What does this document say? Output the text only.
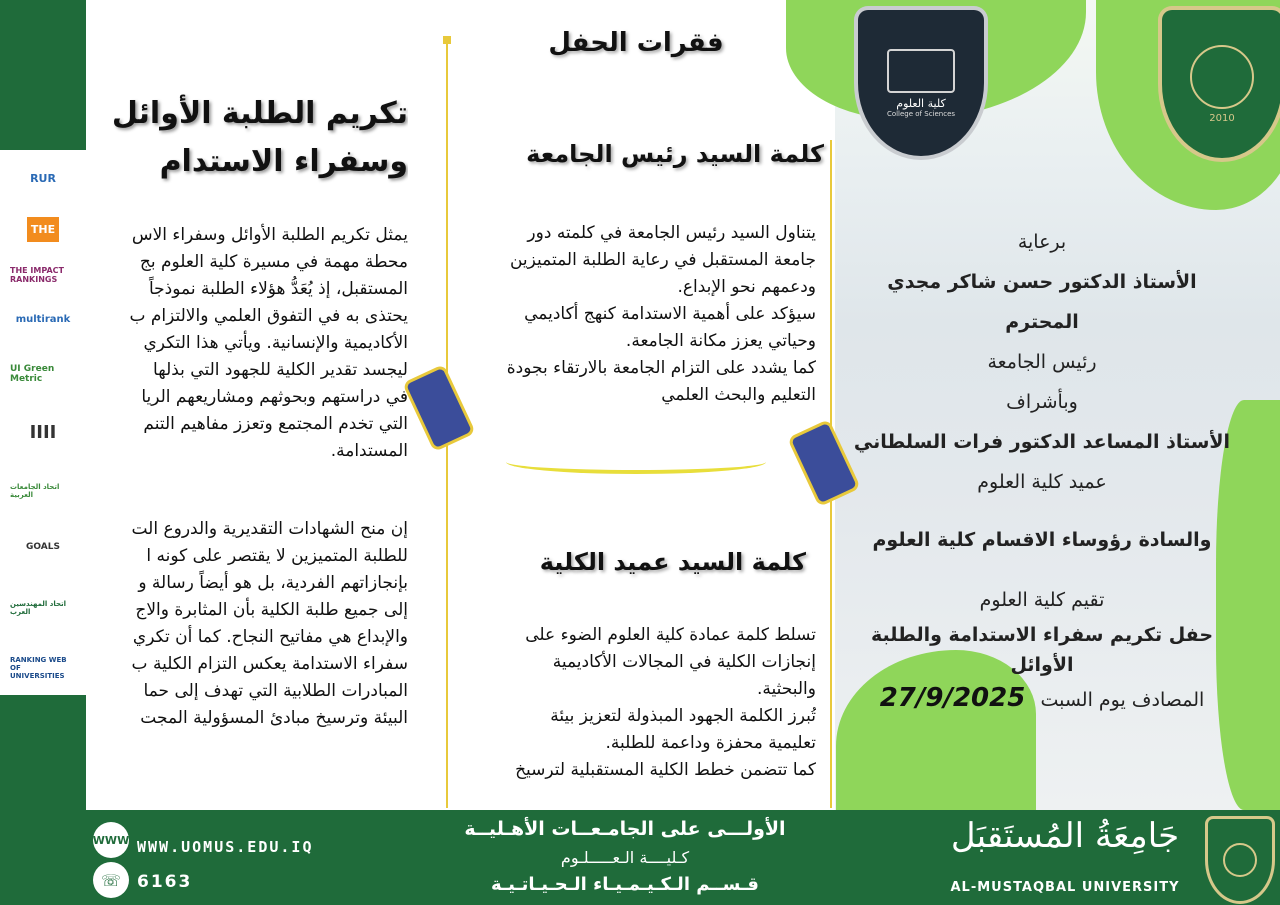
كلية العلوم
College of Sciences	2010
تكريم الطلبة الأوائل
وسفراء الاستدام
يمثل تكريم الطلبة الأوائل وسفراء الاس
محطة مهمة في مسيرة كلية العلوم بج
المستقبل، إذ يُعَدُّ هؤلاء الطلبة نموذجاً
يحتذى به في التفوق العلمي والالتزام ب
الأكاديمية والإنسانية. ويأتي هذا التكري
ليجسد تقدير الكلية للجهود التي بذلها
في دراستهم وبحوثهم ومشاريعهم الريا
التي تخدم المجتمع وتعزز مفاهيم التنم
المستدامة.
إن منح الشهادات التقديرية والدروع الت
للطلبة المتميزين لا يقتصر على كونه ا
بإنجازاتهم الفردية، بل هو أيضاً رسالة و
إلى جميع طلبة الكلية بأن المثابرة والاج
والإبداع هي مفاتيح النجاح. كما أن تكري
سفراء الاستدامة يعكس التزام الكلية ب
المبادرات الطلابية التي تهدف إلى حما
البيئة وترسيخ مبادئ المسؤولية المجت
فقرات الحفل
كلمة السيد رئيس الجامعة
يتناول السيد رئيس الجامعة في كلمته دور
جامعة المستقبل في رعاية الطلبة المتميزين
ودعمهم نحو الإبداع.
سيؤكد على أهمية الاستدامة كنهج أكاديمي
وحياتي يعزز مكانة الجامعة.
كما يشدد على التزام الجامعة بالارتقاء بجودة
التعليم والبحث العلمي
كلمة السيد عميد الكلية
تسلط كلمة عمادة كلية العلوم الضوء على
إنجازات الكلية في المجالات الأكاديمية
والبحثية.
تُبرز الكلمة الجهود المبذولة لتعزيز بيئة
تعليمية محفزة وداعمة للطلبة.
كما تتضمن خطط الكلية المستقبلية لترسيخ
برعاية
الأستاذ الدكتور حسن شاكر مجدي
المحترم
رئيس الجامعة
وبأشراف
الأستاذ المساعد الدكتور فرات السلطاني
عميد كلية العلوم
والسادة رؤوساء الاقسام كلية العلوم
تقيم كلية العلوم
حفل تكريم سفراء الاستدامة والطلبة الأوائل
المصادف يوم السبت 27/9/2025
RUR
THE
THE IMPACT RANKINGS
multirank
UI Green Metric
IIII
اتحاد الجامعات العربية
GOALS
اتحاد المهندسين العرب
RANKING WEB OF UNIVERSITIES
WWW WWW.UOMUS.EDU.IQ
☏ 6163
الأولـــى على الجامـعــات الأهـليــة
كـليــــة الـعـــــلـوم
قـســم الـكـيـمـيـاء الـحـيـاتـيـة
جَامِعَةُ المُستَقبَل
AL-MUSTAQBAL UNIVERSITY
